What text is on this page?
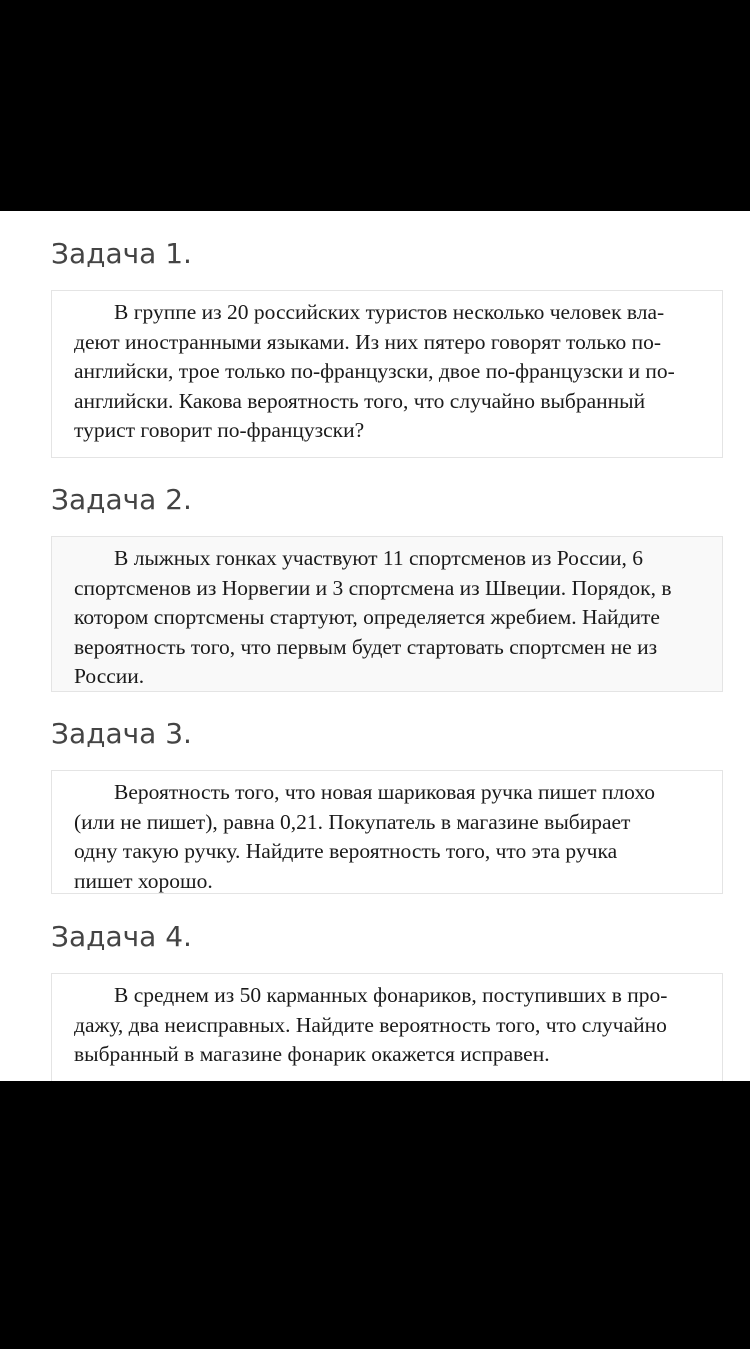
Задача 1.

В группе из 20 российских туристов несколько человек вла-
деют иностранными языками. Из них пятеро говорят только по-
английски, трое только по-французски, двое по-французски и по-
английски. Какова вероятность того, что случайно выбранный
турист говорит по-французски?

Задача 2.

В лыжных гонках участвуют 11 спортсменов из России, 6
спортсменов из Норвегии и 3 спортсмена из Швеции. Порядок, в
котором спортсмены стартуют, определяется жребием. Найдите
вероятность того, что первым будет стартовать спортсмен не из
России.

Задача 3.

Вероятность того, что новая шариковая ручка пишет плохо
(или не пишет), равна 0,21. Покупатель в магазине выбирает
одну такую ручку. Найдите вероятность того, что эта ручка
пишет хорошо.

Задача 4.

В среднем из 50 карманных фонариков, поступивших в про-
дажу, два неисправных. Найдите вероятность того, что случайно
выбранный в магазине фонарик окажется исправен.
